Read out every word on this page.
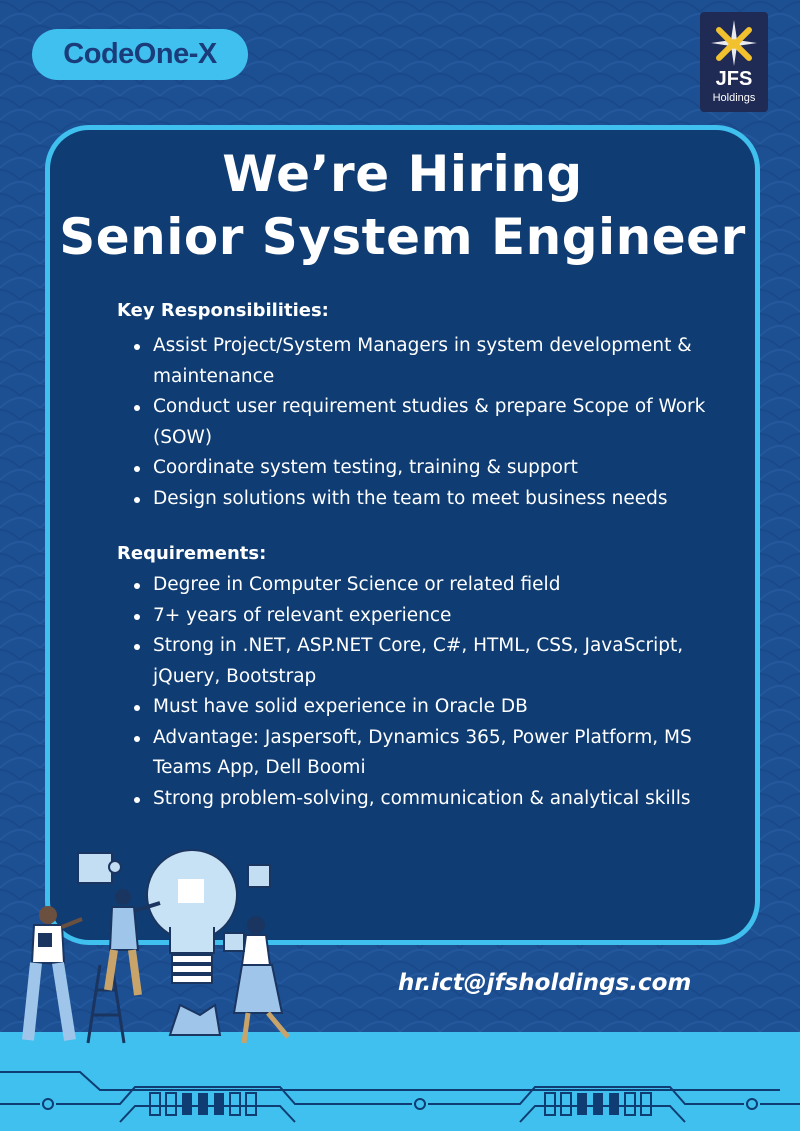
CodeOne-X
JFS
Holdings
We’re Hiring
Senior System Engineer
Key Responsibilities:
Assist Project/System Managers in system development & maintenance
Conduct user requirement studies & prepare Scope of Work (SOW)
Coordinate system testing, training & support
Design solutions with the team to meet business needs
Requirements:
Degree in Computer Science or related field
7+ years of relevant experience
Strong in .NET, ASP.NET Core, C#, HTML, CSS, JavaScript, jQuery, Bootstrap
Must have solid experience in Oracle DB
Advantage: Jaspersoft, Dynamics 365, Power Platform, MS Teams App, Dell Boomi
Strong problem-solving, communication & analytical skills
hr.ict@jfsholdings.com
